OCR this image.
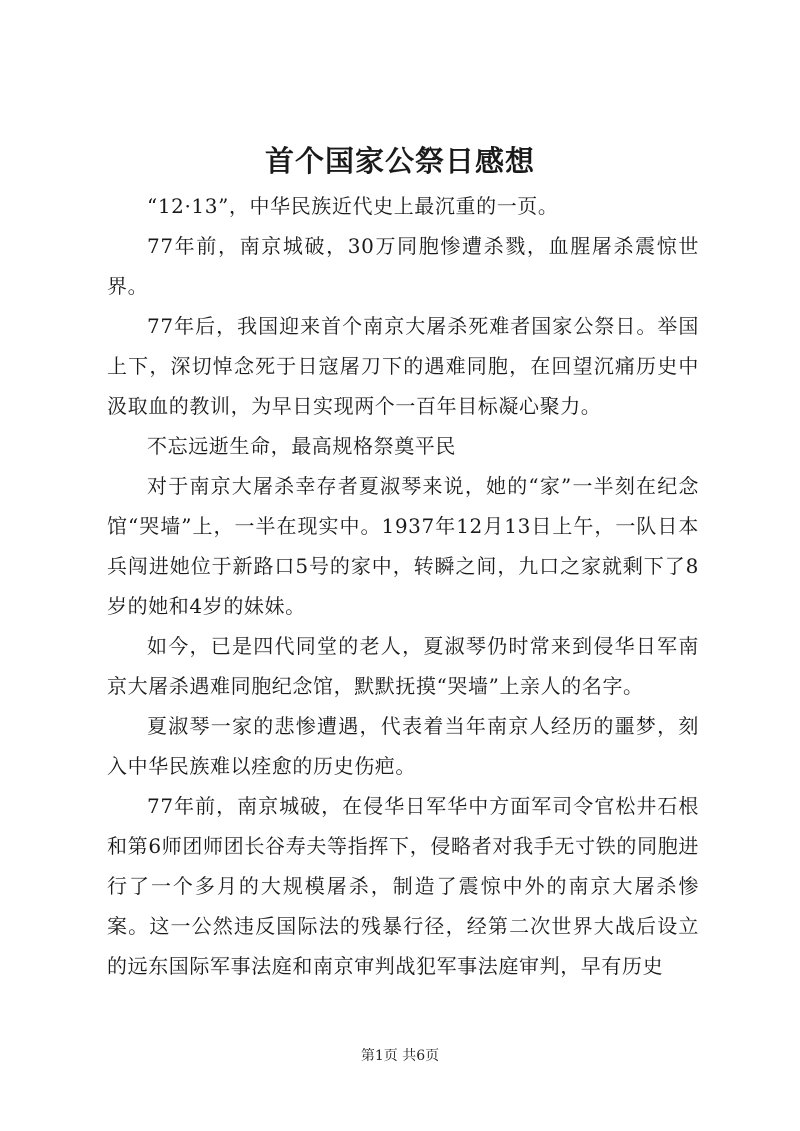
首个国家公祭日感想

“12·13”，中华民族近代史上最沉重的一页。

77年前，南京城破，30万同胞惨遭杀戮，血腥屠杀震惊世界。

77年后，我国迎来首个南京大屠杀死难者国家公祭日。举国上下，深切悼念死于日寇屠刀下的遇难同胞，在回望沉痛历史中汲取血的教训，为早日实现两个一百年目标凝心聚力。

不忘远逝生命，最高规格祭奠平民

对于南京大屠杀幸存者夏淑琴来说，她的“家”一半刻在纪念馆“哭墙”上，一半在现实中。1937年12月13日上午，一队日本兵闯进她位于新路口5号的家中，转瞬之间，九口之家就剩下了8岁的她和4岁的妹妹。

如今，已是四代同堂的老人，夏淑琴仍时常来到侵华日军南京大屠杀遇难同胞纪念馆，默默抚摸“哭墙”上亲人的名字。

夏淑琴一家的悲惨遭遇，代表着当年南京人经历的噩梦，刻入中华民族难以痊愈的历史伤疤。

77年前，南京城破，在侵华日军华中方面军司令官松井石根和第6师团师团长谷寿夫等指挥下，侵略者对我手无寸铁的同胞进行了一个多月的大规模屠杀，制造了震惊中外的南京大屠杀惨案。这一公然违反国际法的残暴行径，经第二次世界大战后设立的远东国际军事法庭和南京审判战犯军事法庭审判，早有历史

第1页 共6页
